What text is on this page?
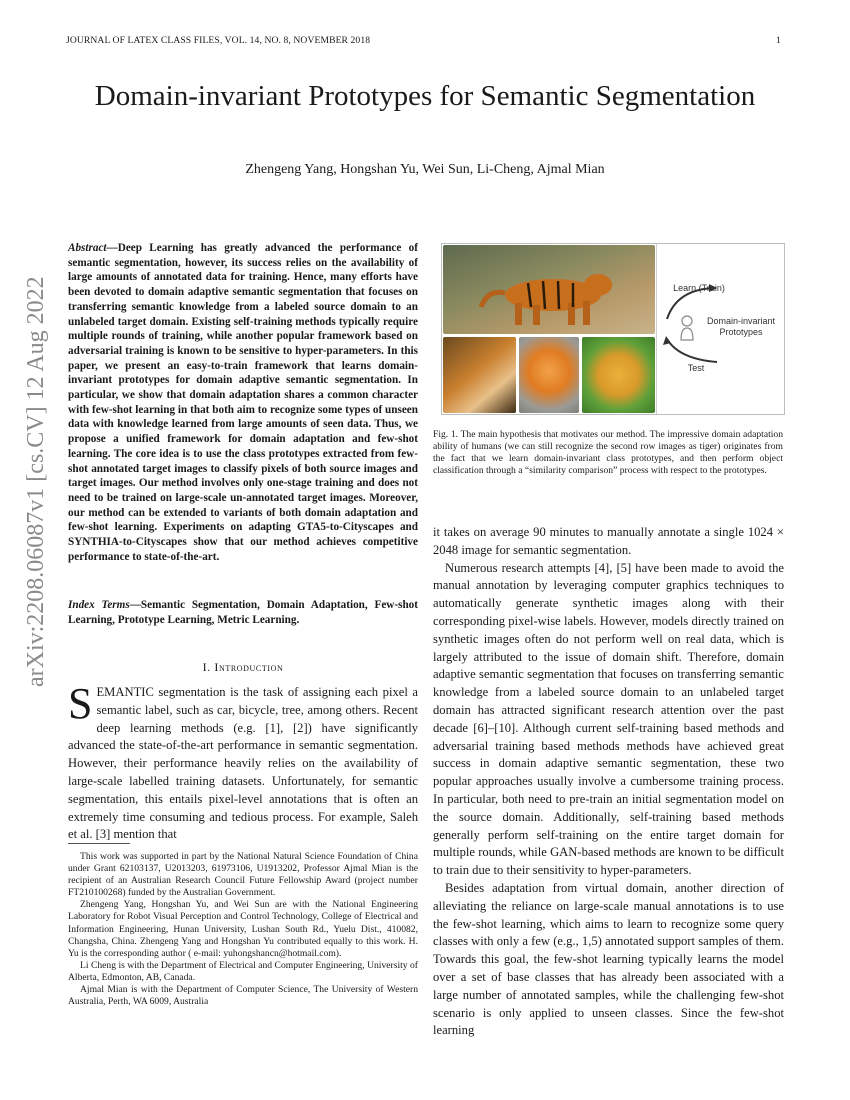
JOURNAL OF LATEX CLASS FILES, VOL. 14, NO. 8, NOVEMBER 2018	1
arXiv:2208.06087v1 [cs.CV] 12 Aug 2022
Domain-invariant Prototypes for Semantic Segmentation
Zhengeng Yang, Hongshan Yu, Wei Sun, Li-Cheng, Ajmal Mian
Abstract—Deep Learning has greatly advanced the performance of semantic segmentation, however, its success relies on the availability of large amounts of annotated data for training. Hence, many efforts have been devoted to domain adaptive semantic segmentation that focuses on transferring semantic knowledge from a labeled source domain to an unlabeled target domain. Existing self-training methods typically require multiple rounds of training, while another popular framework based on adversarial training is known to be sensitive to hyper-parameters. In this paper, we present an easy-to-train framework that learns domain-invariant prototypes for domain adaptive semantic segmentation. In particular, we show that domain adaptation shares a common character with few-shot learning in that both aim to recognize some types of unseen data with knowledge learned from large amounts of seen data. Thus, we propose a unified framework for domain adaptation and few-shot learning. The core idea is to use the class prototypes extracted from few-shot annotated target images to classify pixels of both source images and target images. Our method involves only one-stage training and does not need to be trained on large-scale un-annotated target images. Moreover, our method can be extended to variants of both domain adaptation and few-shot learning. Experiments on adapting GTA5-to-Cityscapes and SYNTHIA-to-Cityscapes show that our method achieves competitive performance to state-of-the-art.
Index Terms—Semantic Segmentation, Domain Adaptation, Few-shot Learning, Prototype Learning, Metric Learning.
I. Introduction
SEMANTIC segmentation is the task of assigning each pixel a semantic label, such as car, bicycle, tree, among others. Recent deep learning methods (e.g. [1], [2]) have significantly advanced the state-of-the-art performance in semantic segmentation. However, their performance heavily relies on the availability of large-scale labelled training datasets. Unfortunately, for semantic segmentation, this entails pixel-level annotations that is often an extremely time consuming and tedious process. For example, Saleh et al. [3] mention that

This work was supported in part by the National Natural Science Foundation of China under Grant 62103137, U2013203, 61973106, U1913202, Professor Ajmal Mian is the recipient of an Australian Research Council Future Fellowship Award (project number FT210100268) funded by the Australian Government.

Zhengeng Yang, Hongshan Yu, and Wei Sun are with the National Engineering Laboratory for Robot Visual Perception and Control Technology, College of Electrical and Information Engineering, Hunan University, Lushan South Rd., Yuelu Dist., 410082, Changsha, China. Zhengeng Yang and Hongshan Yu contributed equally to this work. H. Yu is the corresponding author ( e-mail: yuhongshancn@hotmail.com).

Li Cheng is with the Department of Electrical and Computer Engineering, University of Alberta, Edmonton, AB, Canada.

Ajmal Mian is with the Department of Computer Science, The University of Western Australia, Perth, WA 6009, Australia

Learn (Train)
Domain-invariant
Prototypes
Test
Fig. 1. The main hypothesis that motivates our method. The impressive domain adaptation ability of humans (we can still recognize the second row images as tiger) originates from the fact that we learn domain-invariant class prototypes, and then perform object classification through a “similarity comparison” process with respect to the prototypes.

it takes on average 90 minutes to manually annotate a single 1024 × 2048 image for semantic segmentation.

Numerous research attempts [4], [5] have been made to avoid the manual annotation by leveraging computer graphics techniques to automatically generate synthetic images along with their corresponding pixel-wise labels. However, models directly trained on synthetic images often do not perform well on real data, which is largely attributed to the issue of domain shift. Therefore, domain adaptive semantic segmentation that focuses on transferring semantic knowledge from a labeled source domain to an unlabeled target domain has attracted significant research attention over the past decade [6]–[10]. Although current self-training based methods and adversarial training based methods methods have achieved great success in domain adaptive semantic segmentation, these two popular approaches usually involve a cumbersome training process. In particular, both need to pre-train an initial segmentation model on the source domain. Additionally, self-training based methods generally perform self-training on the entire target domain for multiple rounds, while GAN-based methods are known to be difficult to train due to their sensitivity to hyper-parameters.

Besides adaptation from virtual domain, another direction of alleviating the reliance on large-scale manual annotations is to use the few-shot learning, which aims to learn to recognize some query classes with only a few (e.g., 1,5) annotated support samples of them. Towards this goal, the few-shot learning typically learns the model over a set of base classes that has already been associated with a large number of annotated samples, while the challenging few-shot scenario is only applied to unseen classes. Since the few-shot learning
